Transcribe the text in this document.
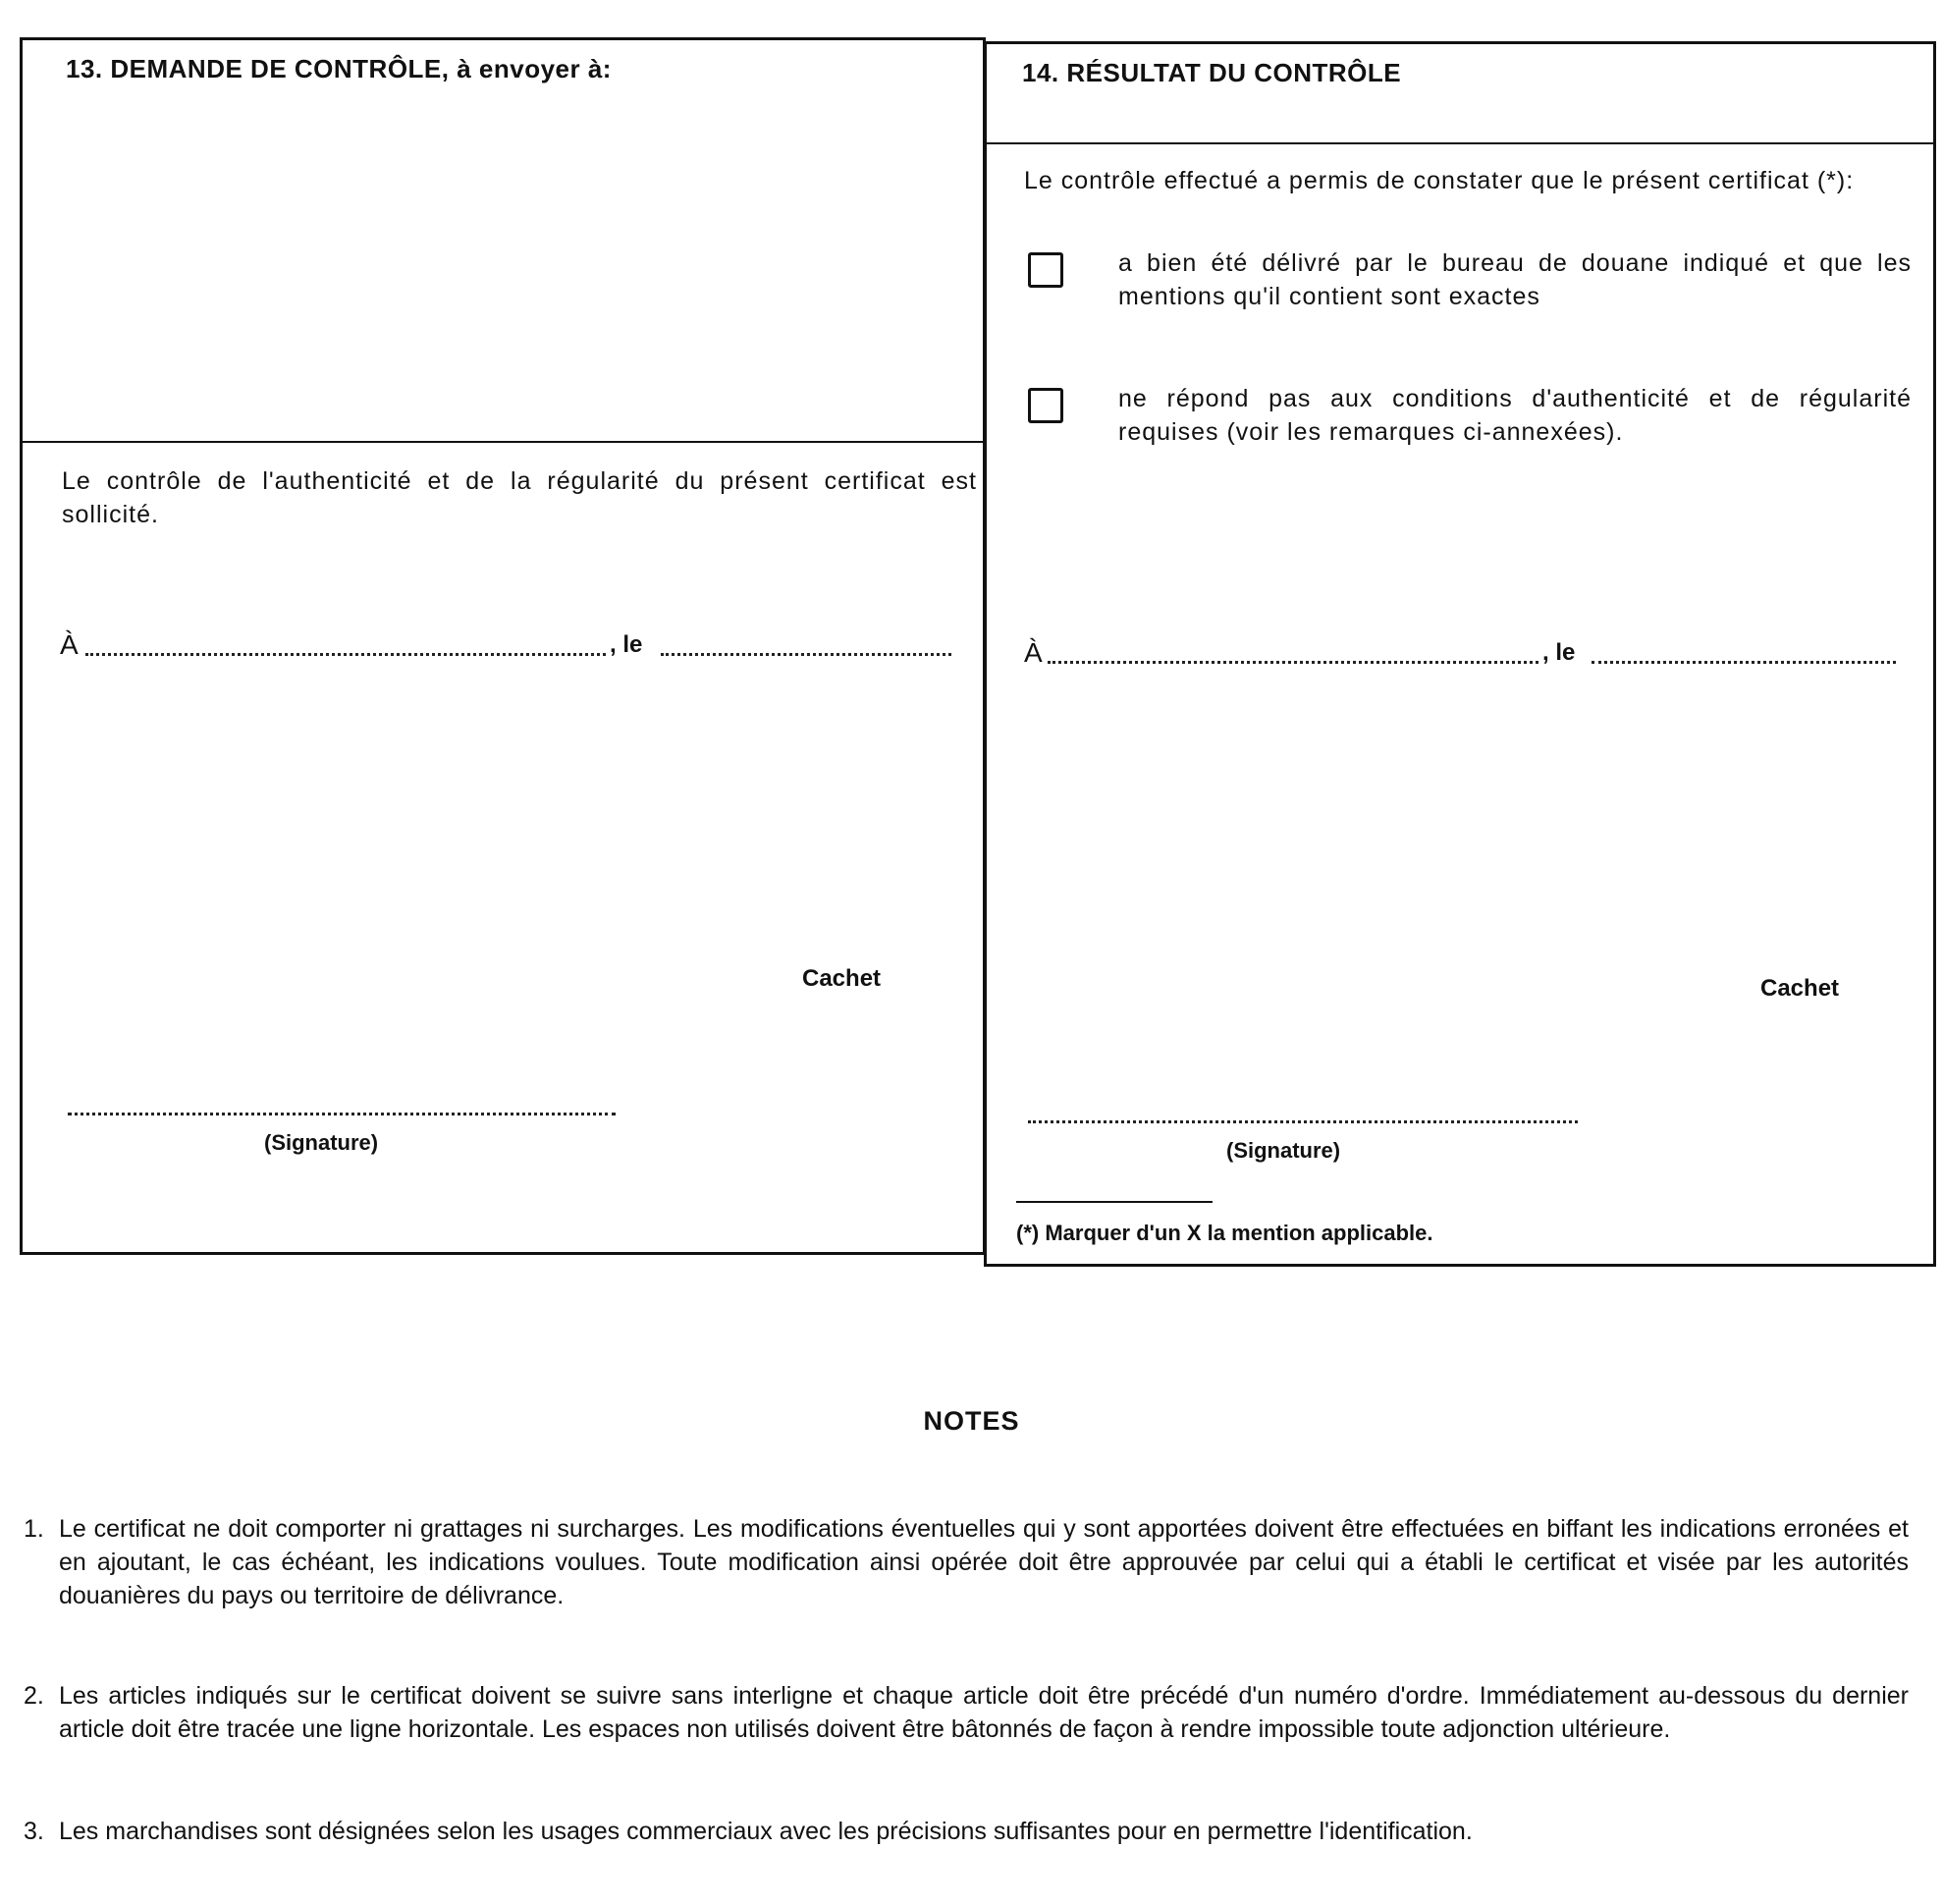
13. DEMANDE DE CONTRÔLE, à envoyer à:
Le contrôle de l'authenticité et de la régularité du présent certificat est sollicité.
À	, le
Cachet
(Signature)
14. RÉSULTAT DU CONTRÔLE
Le contrôle effectué a permis de constater que le présent certificat (*):
a bien été délivré par le bureau de douane indiqué et que les mentions qu'il contient sont exactes
ne répond pas aux conditions d'authenticité et de régularité requises (voir les remarques ci-annexées).
À	, le
Cachet
(Signature)
(*) Marquer d'un X la mention applicable.
NOTES
1. Le certificat ne doit comporter ni grattages ni surcharges. Les modifications éventuelles qui y sont apportées doivent être effectuées en biffant les indications erronées et en ajoutant, le cas échéant, les indications voulues. Toute modification ainsi opérée doit être approuvée par celui qui a établi le certificat et visée par les autorités douanières du pays ou territoire de délivrance.
2. Les articles indiqués sur le certificat doivent se suivre sans interligne et chaque article doit être précédé d'un numéro d'ordre. Immédiatement au-dessous du dernier article doit être tracée une ligne horizontale. Les espaces non utilisés doivent être bâtonnés de façon à rendre impossible toute adjonction ultérieure.
3. Les marchandises sont désignées selon les usages commerciaux avec les précisions suffisantes pour en permettre l'identification.
